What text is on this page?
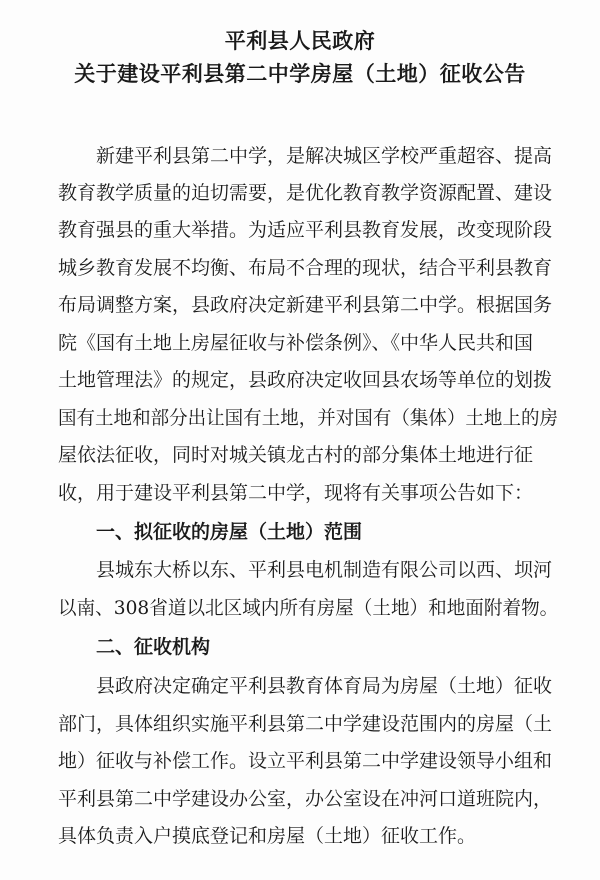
平利县人民政府
关于建设平利县第二中学房屋（土地）征收公告
新建平利县第二中学，是解决城区学校严重超容、提高
教育教学质量的迫切需要，是优化教育教学资源配置、建设
教育强县的重大举措。为适应平利县教育发展，改变现阶段
城乡教育发展不均衡、布局不合理的现状，结合平利县教育
布局调整方案，县政府决定新建平利县第二中学。根据国务
院《国有土地上房屋征收与补偿条例》、《中华人民共和国
土地管理法》的规定，县政府决定收回县农场等单位的划拨
国有土地和部分出让国有土地，并对国有（集体）土地上的房
屋依法征收，同时对城关镇龙古村的部分集体土地进行征
收，用于建设平利县第二中学，现将有关事项公告如下：
一、拟征收的房屋（土地）范围
县城东大桥以东、平利县电机制造有限公司以西、坝河
以南、308省道以北区域内所有房屋（土地）和地面附着物。
二、征收机构
县政府决定确定平利县教育体育局为房屋（土地）征收
部门，具体组织实施平利县第二中学建设范围内的房屋（土
地）征收与补偿工作。设立平利县第二中学建设领导小组和
平利县第二中学建设办公室，办公室设在冲河口道班院内，
具体负责入户摸底登记和房屋（土地）征收工作。
